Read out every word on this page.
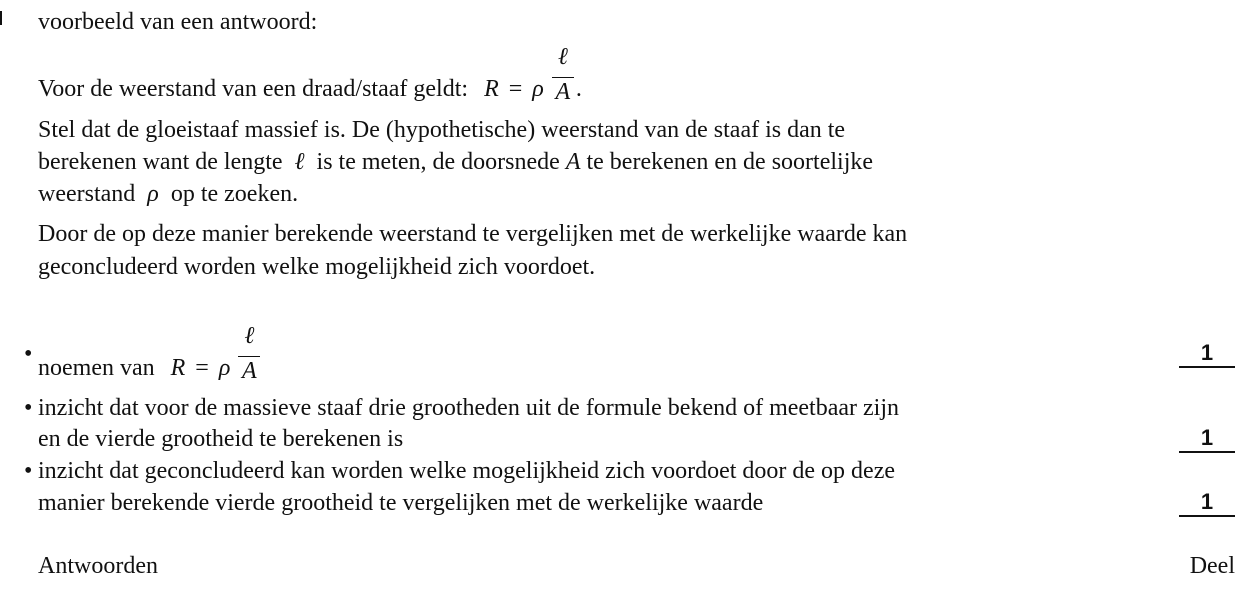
voorbeeld van een antwoord:
Voor de weerstand van een draad/staaf geldt: R = ρ $\frac{\text{ℓ}}{A}$ .
Stel dat de gloeistaaf massief is. De (hypothetische) weerstand van de staaf is dan te
berekenen want de lengte ℓ is te meten, de doorsnede A te berekenen en de soortelijke
weerstand ρ op te zoeken.
Door de op deze manier berekende weerstand te vergelijken met de werkelijke waarde kan
geconcludeerd worden welke mogelijkheid zich voordoet.
•
noemen van R = ρ $\frac{\text{ℓ}}{A}$	1
• inzicht dat voor de massieve staaf drie grootheden uit de formule bekend of meetbaar zijn
en de vierde grootheid te berekenen is	1
• inzicht dat geconcludeerd kan worden welke mogelijkheid zich voordoet door de op deze
manier berekende vierde grootheid te vergelijken met de werkelijke waarde	1
Antwoorden	Deel
